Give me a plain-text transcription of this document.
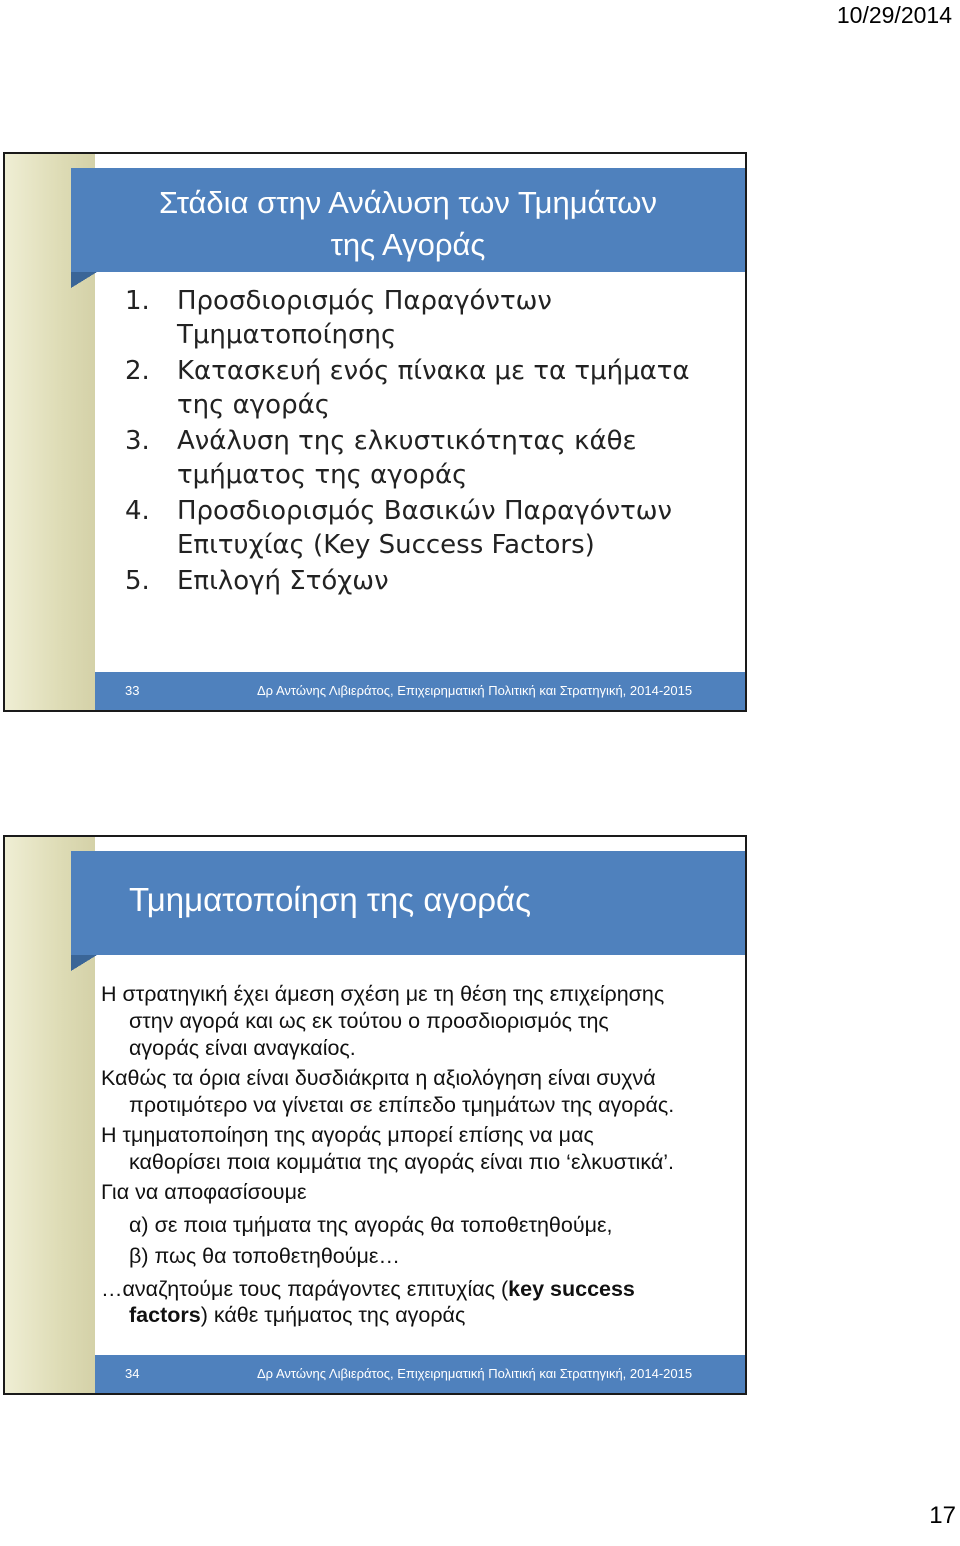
10/29/2014
Στάδια στην Ανάλυση των Τμημάτων
της Αγοράς
1. Προσδιορισμός Παραγόντων
Τμηματοποίησης
2. Κατασκευή ενός πίνακα με τα τμήματα
της αγοράς
3. Ανάλυση της ελκυστικότητας κάθε
τμήματος της αγοράς
4. Προσδιορισμός Βασικών Παραγόντων
Επιτυχίας (Key Success Factors)
5. Επιλογή Στόχων
33	Δρ Αντώνης Λιβιεράτος, Επιχειρηματική Πολιτική και Στρατηγική, 2014-2015
Τμηματοποίηση της αγοράς
Η στρατηγική έχει άμεση σχέση με τη θέση της επιχείρησης
στην αγορά και ως εκ τούτου ο προσδιορισμός της
αγοράς είναι αναγκαίος.
Καθώς τα όρια είναι δυσδιάκριτα η αξιολόγηση είναι συχνά
προτιμότερο να γίνεται σε επίπεδο τμημάτων της αγοράς.
Η τμηματοποίηση της αγοράς μπορεί επίσης να μας
καθορίσει ποια κομμάτια της αγοράς είναι πιο ‘ελκυστικά’.
Για να αποφασίσουμε
α) σε ποια τμήματα της αγοράς θα τοποθετηθούμε,
β) πως θα τοποθετηθούμε…
…αναζητούμε τους παράγοντες επιτυχίας (key success
factors) κάθε τμήματος της αγοράς
34	Δρ Αντώνης Λιβιεράτος, Επιχειρηματική Πολιτική και Στρατηγική, 2014-2015
17
